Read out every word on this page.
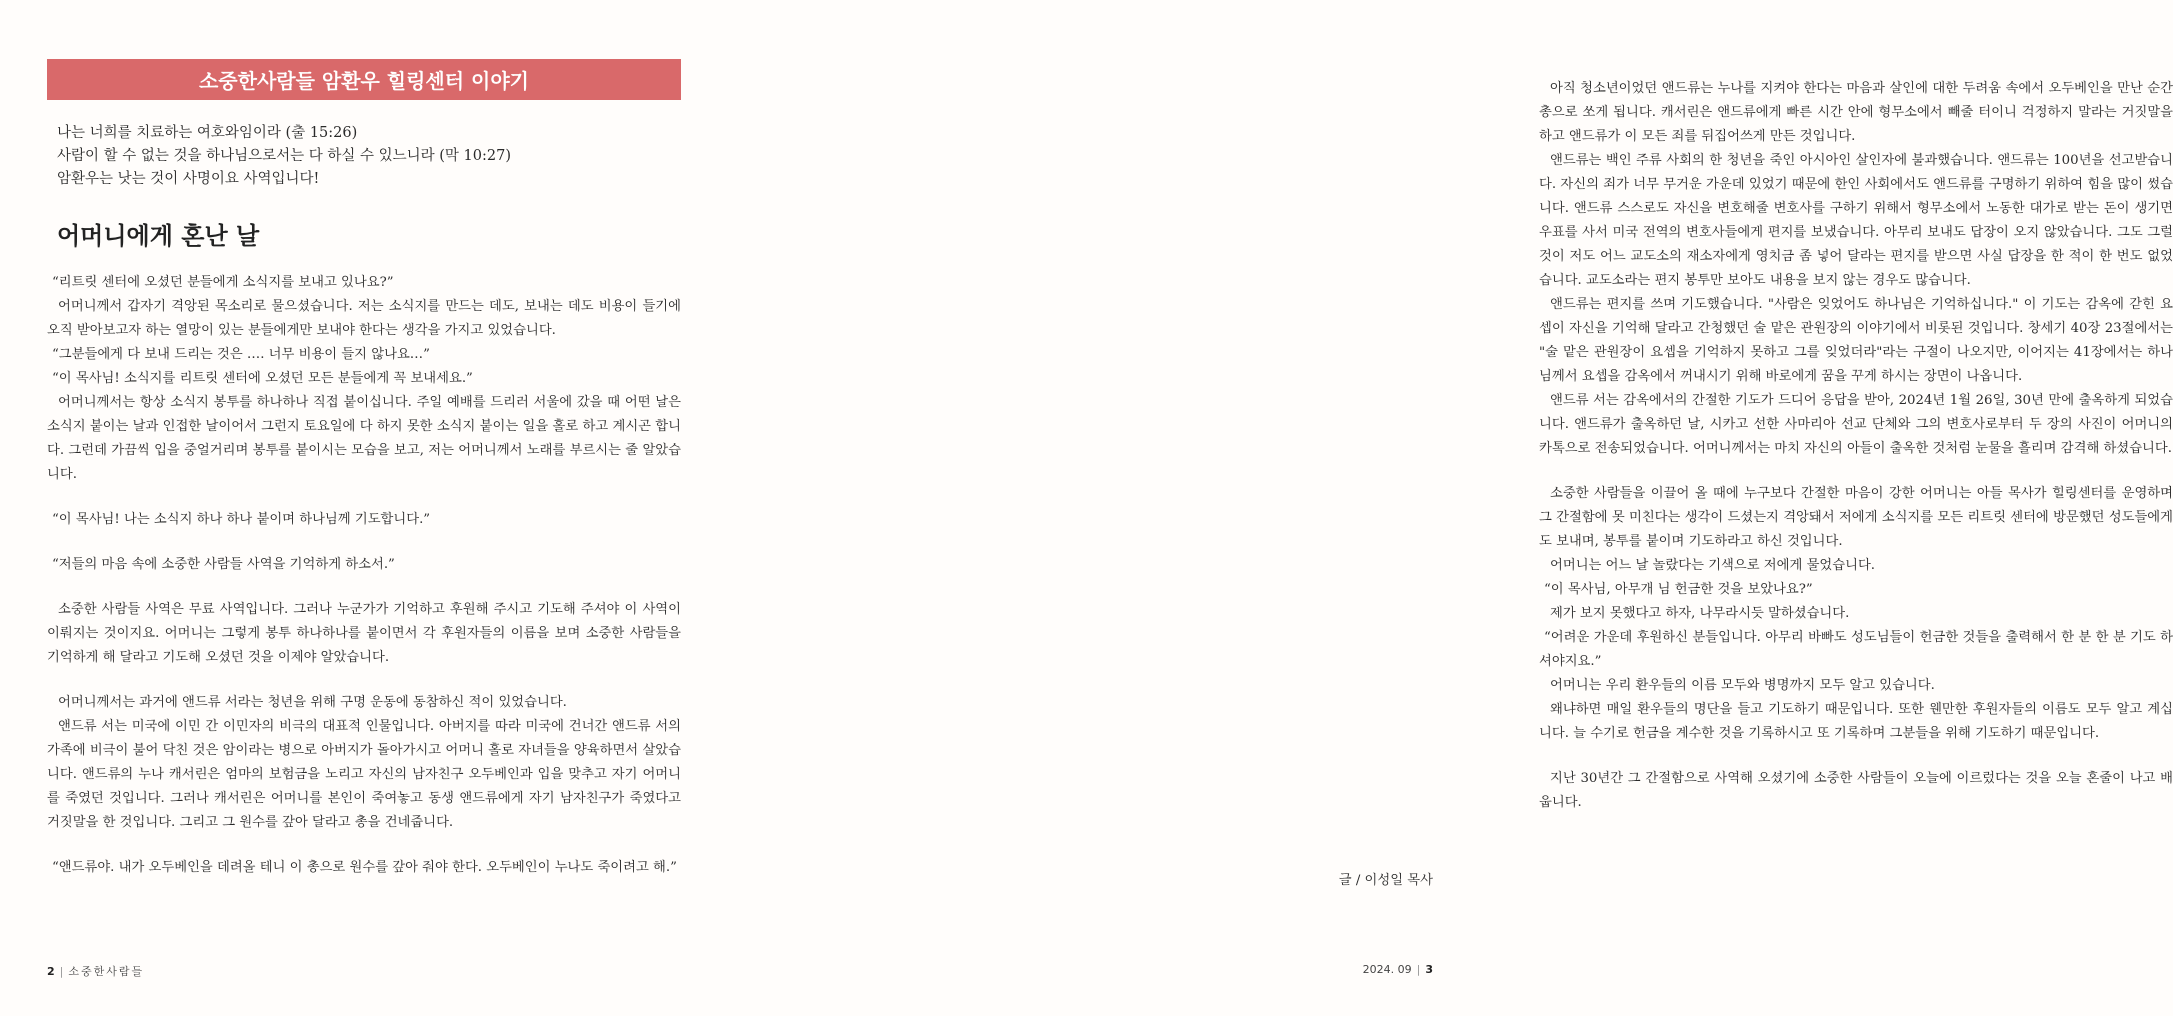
소중한사람들 암환우 힐링센터 이야기
나는 너희를 치료하는 여호와임이라 (출 15:26)
사람이 할 수 없는 것을 하나님으로서는 다 하실 수 있느니라 (막 10:27)
암환우는 낫는 것이 사명이요 사역입니다!
어머니에게 혼난 날

“리트릿 센터에 오셨던 분들에게 소식지를 보내고 있나요?”

어머니께서 갑자기 격앙된 목소리로 물으셨습니다. 저는 소식지를 만드는 데도, 보내는 데도 비용이 들기에 오직 받아보고자 하는 열망이 있는 분들에게만 보내야 한다는 생각을 가지고 있었습니다.

“그분들에게 다 보내 드리는 것은 …. 너무 비용이 들지 않나요…”

“이 목사님! 소식지를 리트릿 센터에 오셨던 모든 분들에게 꼭 보내세요.”

어머니께서는 항상 소식지 봉투를 하나하나 직접 붙이십니다. 주일 예배를 드리러 서울에 갔을 때 어떤 날은 소식지 붙이는 날과 인접한 날이어서 그런지 토요일에 다 하지 못한 소식지 붙이는 일을 홀로 하고 계시곤 합니다. 그런데 가끔씩 입을 중얼거리며 봉투를 붙이시는 모습을 보고, 저는 어머니께서 노래를 부르시는 줄 알았습니다.

“이 목사님! 나는 소식지 하나 하나 붙이며 하나님께 기도합니다.”

“저들의 마음 속에 소중한 사람들 사역을 기억하게 하소서.”

소중한 사람들 사역은 무료 사역입니다. 그러나 누군가가 기억하고 후원해 주시고 기도해 주셔야 이 사역이 이뤄지는 것이지요. 어머니는 그렇게 봉투 하나하나를 붙이면서 각 후원자들의 이름을 보며 소중한 사람들을 기억하게 해 달라고 기도해 오셨던 것을 이제야 알았습니다.

어머니께서는 과거에 앤드류 서라는 청년을 위해 구명 운동에 동참하신 적이 있었습니다.

앤드류 서는 미국에 이민 간 이민자의 비극의 대표적 인물입니다. 아버지를 따라 미국에 건너간 앤드류 서의 가족에 비극이 불어 닥친 것은 암이라는 병으로 아버지가 돌아가시고 어머니 홀로 자녀들을 양육하면서 살았습니다. 앤드류의 누나 캐서린은 엄마의 보험금을 노리고 자신의 남자친구 오두베인과 입을 맞추고 자기 어머니를 죽였던 것입니다. 그러나 캐서린은 어머니를 본인이 죽여놓고 동생 앤드류에게 자기 남자친구가 죽였다고 거짓말을 한 것입니다. 그리고 그 원수를 갚아 달라고 총을 건네줍니다.

“앤드류야. 내가 오두베인을 데려올 테니 이 총으로 원수를 갚아 줘야 한다. 오두베인이 누나도 죽이려고 해.”

2 | 소중한사람들

아직 청소년이었던 앤드류는 누나를 지켜야 한다는 마음과 살인에 대한 두려움 속에서 오두베인을 만난 순간 총으로 쏘게 됩니다. 캐서린은 앤드류에게 빠른 시간 안에 형무소에서 빼줄 터이니 걱정하지 말라는 거짓말을 하고 앤드류가 이 모든 죄를 뒤집어쓰게 만든 것입니다.

앤드류는 백인 주류 사회의 한 청년을 죽인 아시아인 살인자에 불과했습니다. 앤드류는 100년을 선고받습니다. 자신의 죄가 너무 무거운 가운데 있었기 때문에 한인 사회에서도 앤드류를 구명하기 위하여 힘을 많이 썼습니다. 앤드류 스스로도 자신을 변호해줄 변호사를 구하기 위해서 형무소에서 노동한 대가로 받는 돈이 생기면 우표를 사서 미국 전역의 변호사들에게 편지를 보냈습니다. 아무리 보내도 답장이 오지 않았습니다. 그도 그럴 것이 저도 어느 교도소의 재소자에게 영치금 좀 넣어 달라는 편지를 받으면 사실 답장을 한 적이 한 번도 없었습니다. 교도소라는 편지 봉투만 보아도 내용을 보지 않는 경우도 많습니다.

앤드류는 편지를 쓰며 기도했습니다. "사람은 잊었어도 하나님은 기억하십니다." 이 기도는 감옥에 갇힌 요셉이 자신을 기억해 달라고 간청했던 술 맡은 관원장의 이야기에서 비롯된 것입니다. 창세기 40장 23절에서는 "술 맡은 관원장이 요셉을 기억하지 못하고 그를 잊었더라"라는 구절이 나오지만, 이어지는 41장에서는 하나님께서 요셉을 감옥에서 꺼내시기 위해 바로에게 꿈을 꾸게 하시는 장면이 나옵니다.

앤드류 서는 감옥에서의 간절한 기도가 드디어 응답을 받아, 2024년 1월 26일, 30년 만에 출옥하게 되었습니다. 앤드류가 출옥하던 날, 시카고 선한 사마리아 선교 단체와 그의 변호사로부터 두 장의 사진이 어머니의 카톡으로 전송되었습니다. 어머니께서는 마치 자신의 아들이 출옥한 것처럼 눈물을 흘리며 감격해 하셨습니다.

소중한 사람들을 이끌어 올 때에 누구보다 간절한 마음이 강한 어머니는 아들 목사가 힐링센터를 운영하며 그 간절함에 못 미친다는 생각이 드셨는지 격앙돼서 저에게 소식지를 모든 리트릿 센터에 방문했던 성도들에게도 보내며, 봉투를 붙이며 기도하라고 하신 것입니다.

어머니는 어느 날 놀랐다는 기색으로 저에게 물었습니다.

“이 목사님, 아무개 님 헌금한 것을 보았나요?”

제가 보지 못했다고 하자, 나무라시듯 말하셨습니다.

“어려운 가운데 후원하신 분들입니다. 아무리 바빠도 성도님들이 헌금한 것들을 출력해서 한 분 한 분 기도 하셔야지요.”

어머니는 우리 환우들의 이름 모두와 병명까지 모두 알고 있습니다.

왜냐하면 매일 환우들의 명단을 들고 기도하기 때문입니다. 또한 웬만한 후원자들의 이름도 모두 알고 계십니다. 늘 수기로 헌금을 계수한 것을 기록하시고 또 기록하며 그분들을 위해 기도하기 때문입니다.

지난 30년간 그 간절함으로 사역해 오셨기에 소중한 사람들이 오늘에 이르렀다는 것을 오늘 혼줄이 나고 배웁니다.

글 / 이성일 목사
2024. 09 | 3
